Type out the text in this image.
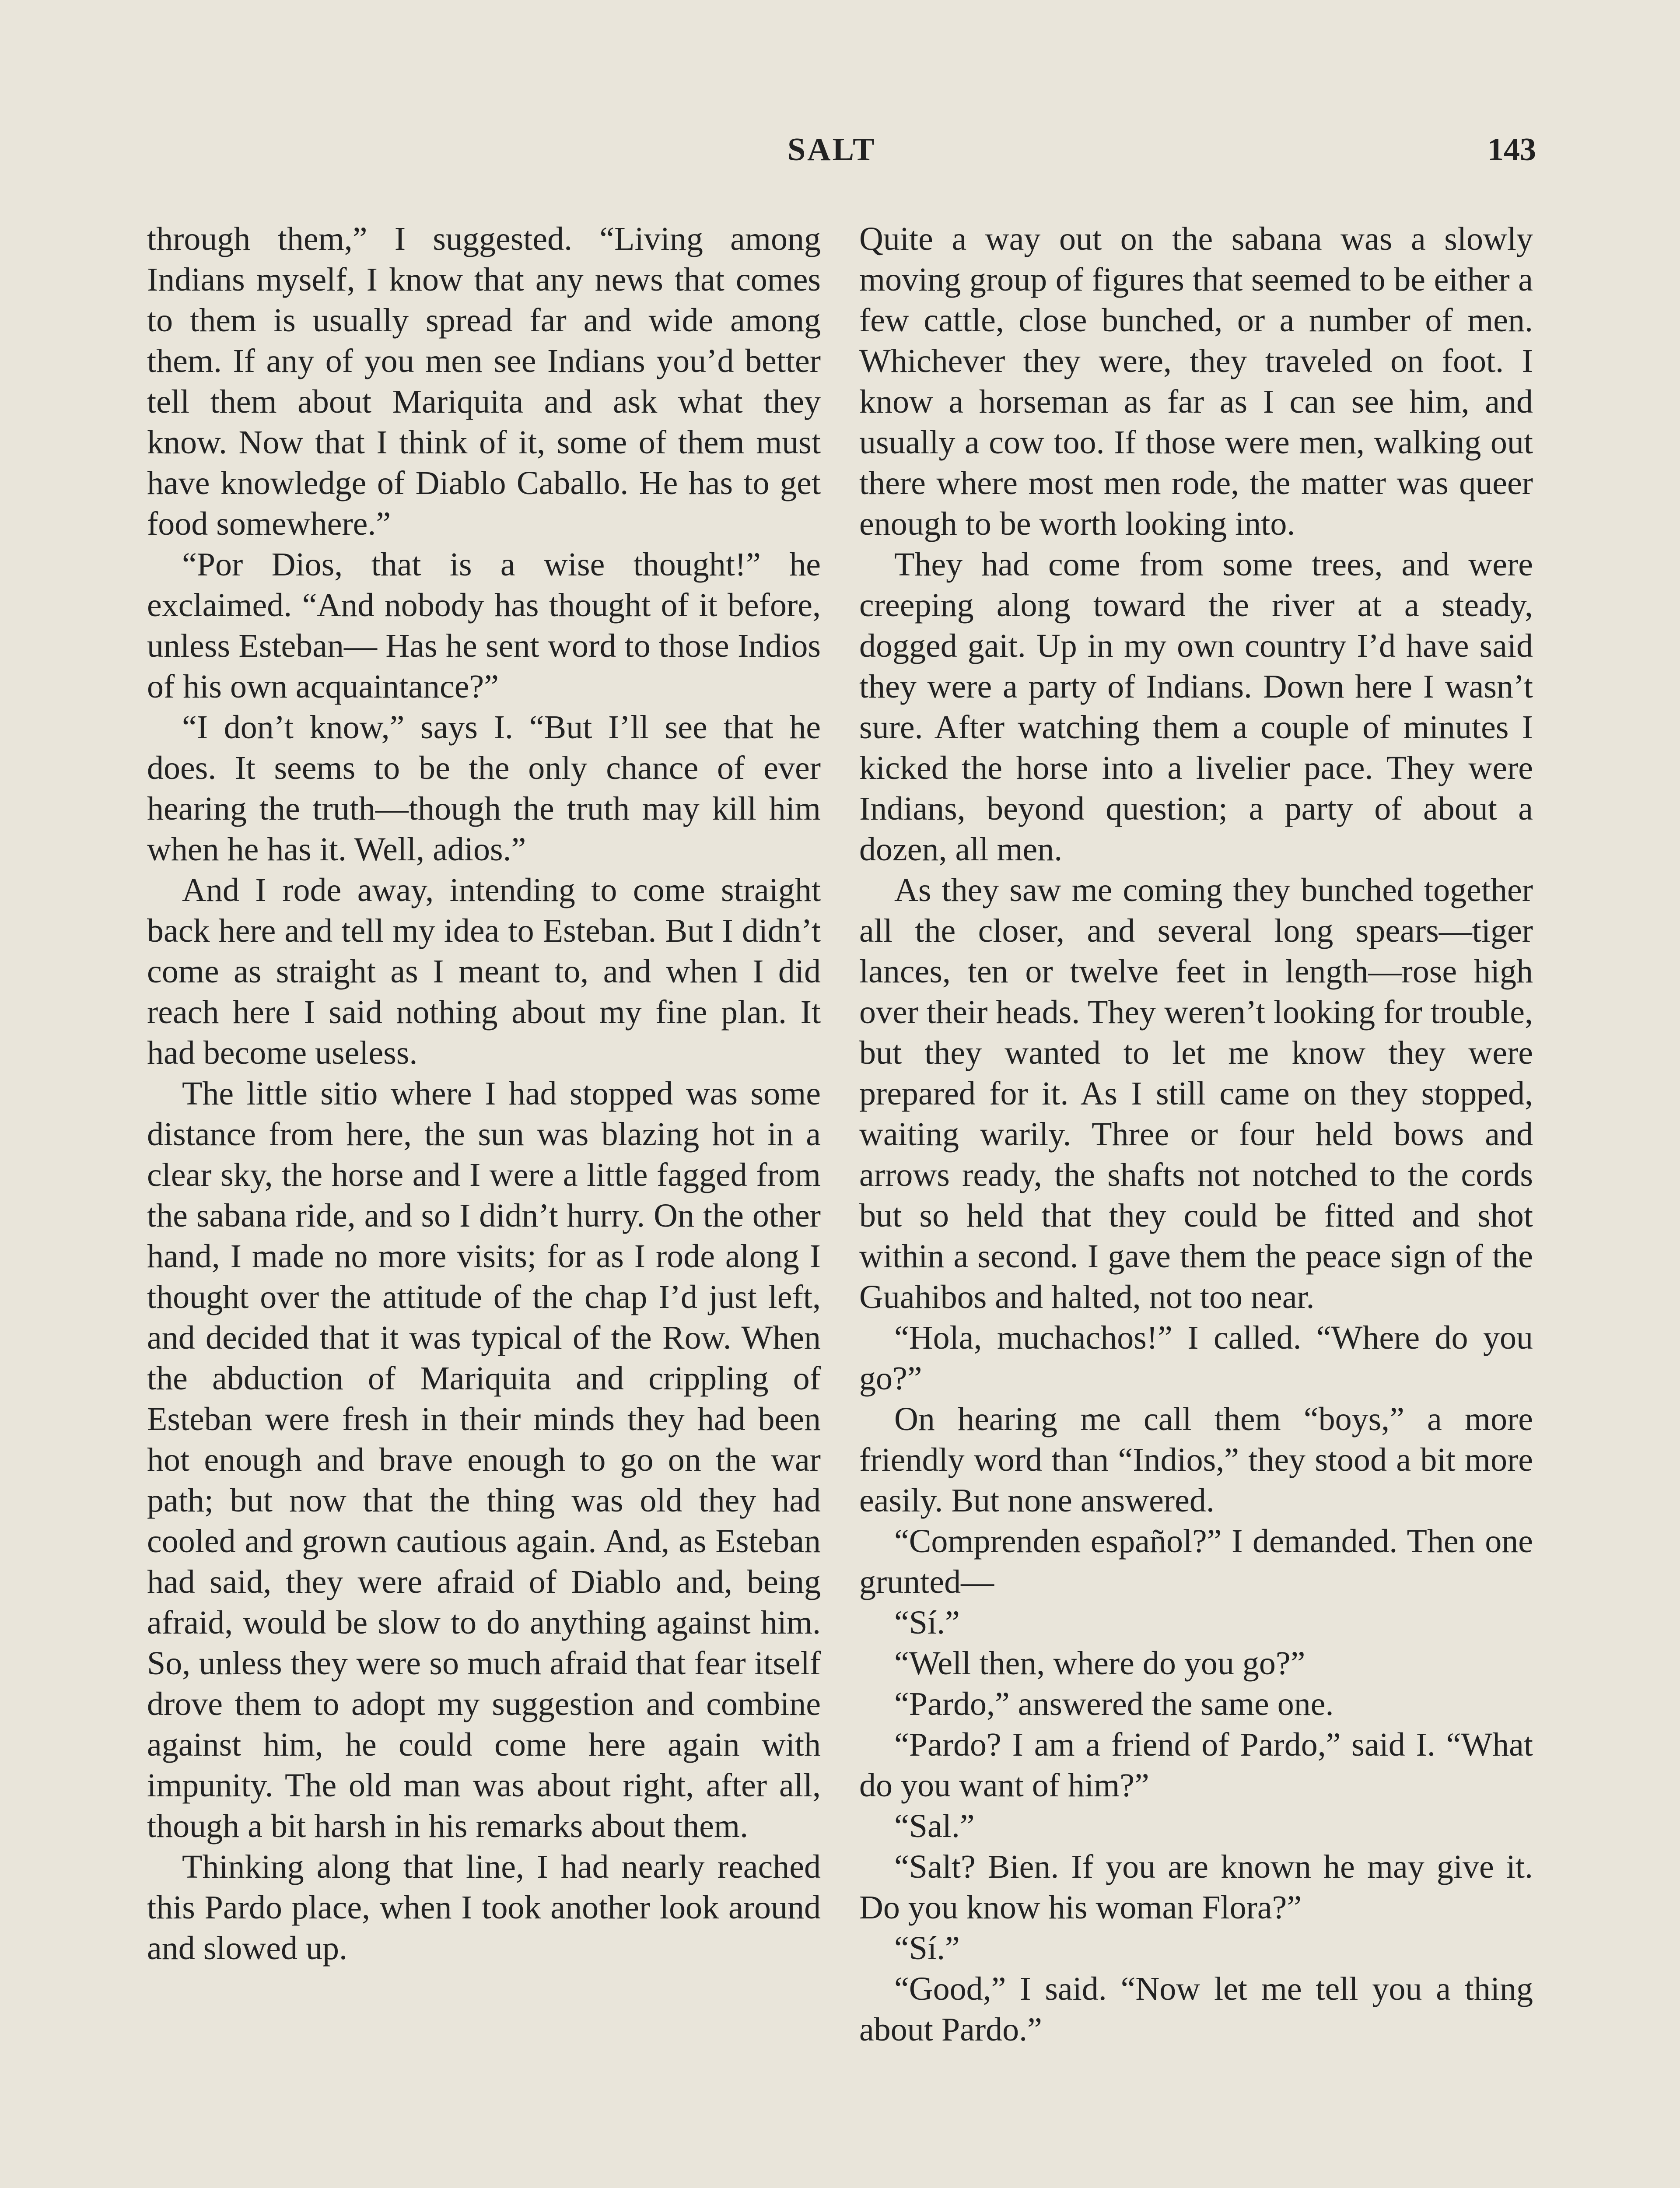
SALT	143

through them,” I suggested. “Living among Indians myself, I know that any news that comes to them is usually spread far and wide among them. If any of you men see Indians you’d better tell them about Mariquita and ask what they know. Now that I think of it, some of them must have knowledge of Diablo Caballo. He has to get food somewhere.”

“Por Dios, that is a wise thought!” he exclaimed. “And nobody has thought of it before, unless Esteban— Has he sent word to those Indios of his own acquaintance?”

“I don’t know,” says I. “But I’ll see that he does. It seems to be the only chance of ever hearing the truth—though the truth may kill him when he has it. Well, adios.”

And I rode away, intending to come straight back here and tell my idea to Esteban. But I didn’t come as straight as I meant to, and when I did reach here I said nothing about my fine plan. It had become useless.

The little sitio where I had stopped was some distance from here, the sun was blazing hot in a clear sky, the horse and I were a little fagged from the sabana ride, and so I didn’t hurry. On the other hand, I made no more visits; for as I rode along I thought over the attitude of the chap I’d just left, and decided that it was typical of the Row. When the abduction of Mariquita and crippling of Esteban were fresh in their minds they had been hot enough and brave enough to go on the war path; but now that the thing was old they had cooled and grown cautious again. And, as Esteban had said, they were afraid of Diablo and, being afraid, would be slow to do anything against him. So, unless they were so much afraid that fear itself drove them to adopt my suggestion and combine against him, he could come here again with impunity. The old man was about right, after all, though a bit harsh in his remarks about them.

Thinking along that line, I had nearly reached this Pardo place, when I took another look around and slowed up.

Quite a way out on the sabana was a slowly moving group of figures that seemed to be either a few cattle, close bunched, or a number of men. Whichever they were, they traveled on foot. I know a horseman as far as I can see him, and usually a cow too. If those were men, walking out there where most men rode, the matter was queer enough to be worth looking into.

They had come from some trees, and were creeping along toward the river at a steady, dogged gait. Up in my own country I’d have said they were a party of Indians. Down here I wasn’t sure. After watching them a couple of minutes I kicked the horse into a livelier pace. They were Indians, beyond question; a party of about a dozen, all men.

As they saw me coming they bunched together all the closer, and several long spears—tiger lances, ten or twelve feet in length—rose high over their heads. They weren’t looking for trouble, but they wanted to let me know they were prepared for it. As I still came on they stopped, waiting warily. Three or four held bows and arrows ready, the shafts not notched to the cords but so held that they could be fitted and shot within a second. I gave them the peace sign of the Guahibos and halted, not too near.

“Hola, muchachos!” I called. “Where do you go?”

On hearing me call them “boys,” a more friendly word than “Indios,” they stood a bit more easily. But none answered.

“Comprenden español?” I demanded. Then one grunted—

“Sí.”

“Well then, where do you go?”

“Pardo,” answered the same one.

“Pardo? I am a friend of Pardo,” said I. “What do you want of him?”

“Sal.”

“Salt? Bien. If you are known he may give it. Do you know his woman Flora?”

“Sí.”

“Good,” I said. “Now let me tell you a thing about Pardo.”
